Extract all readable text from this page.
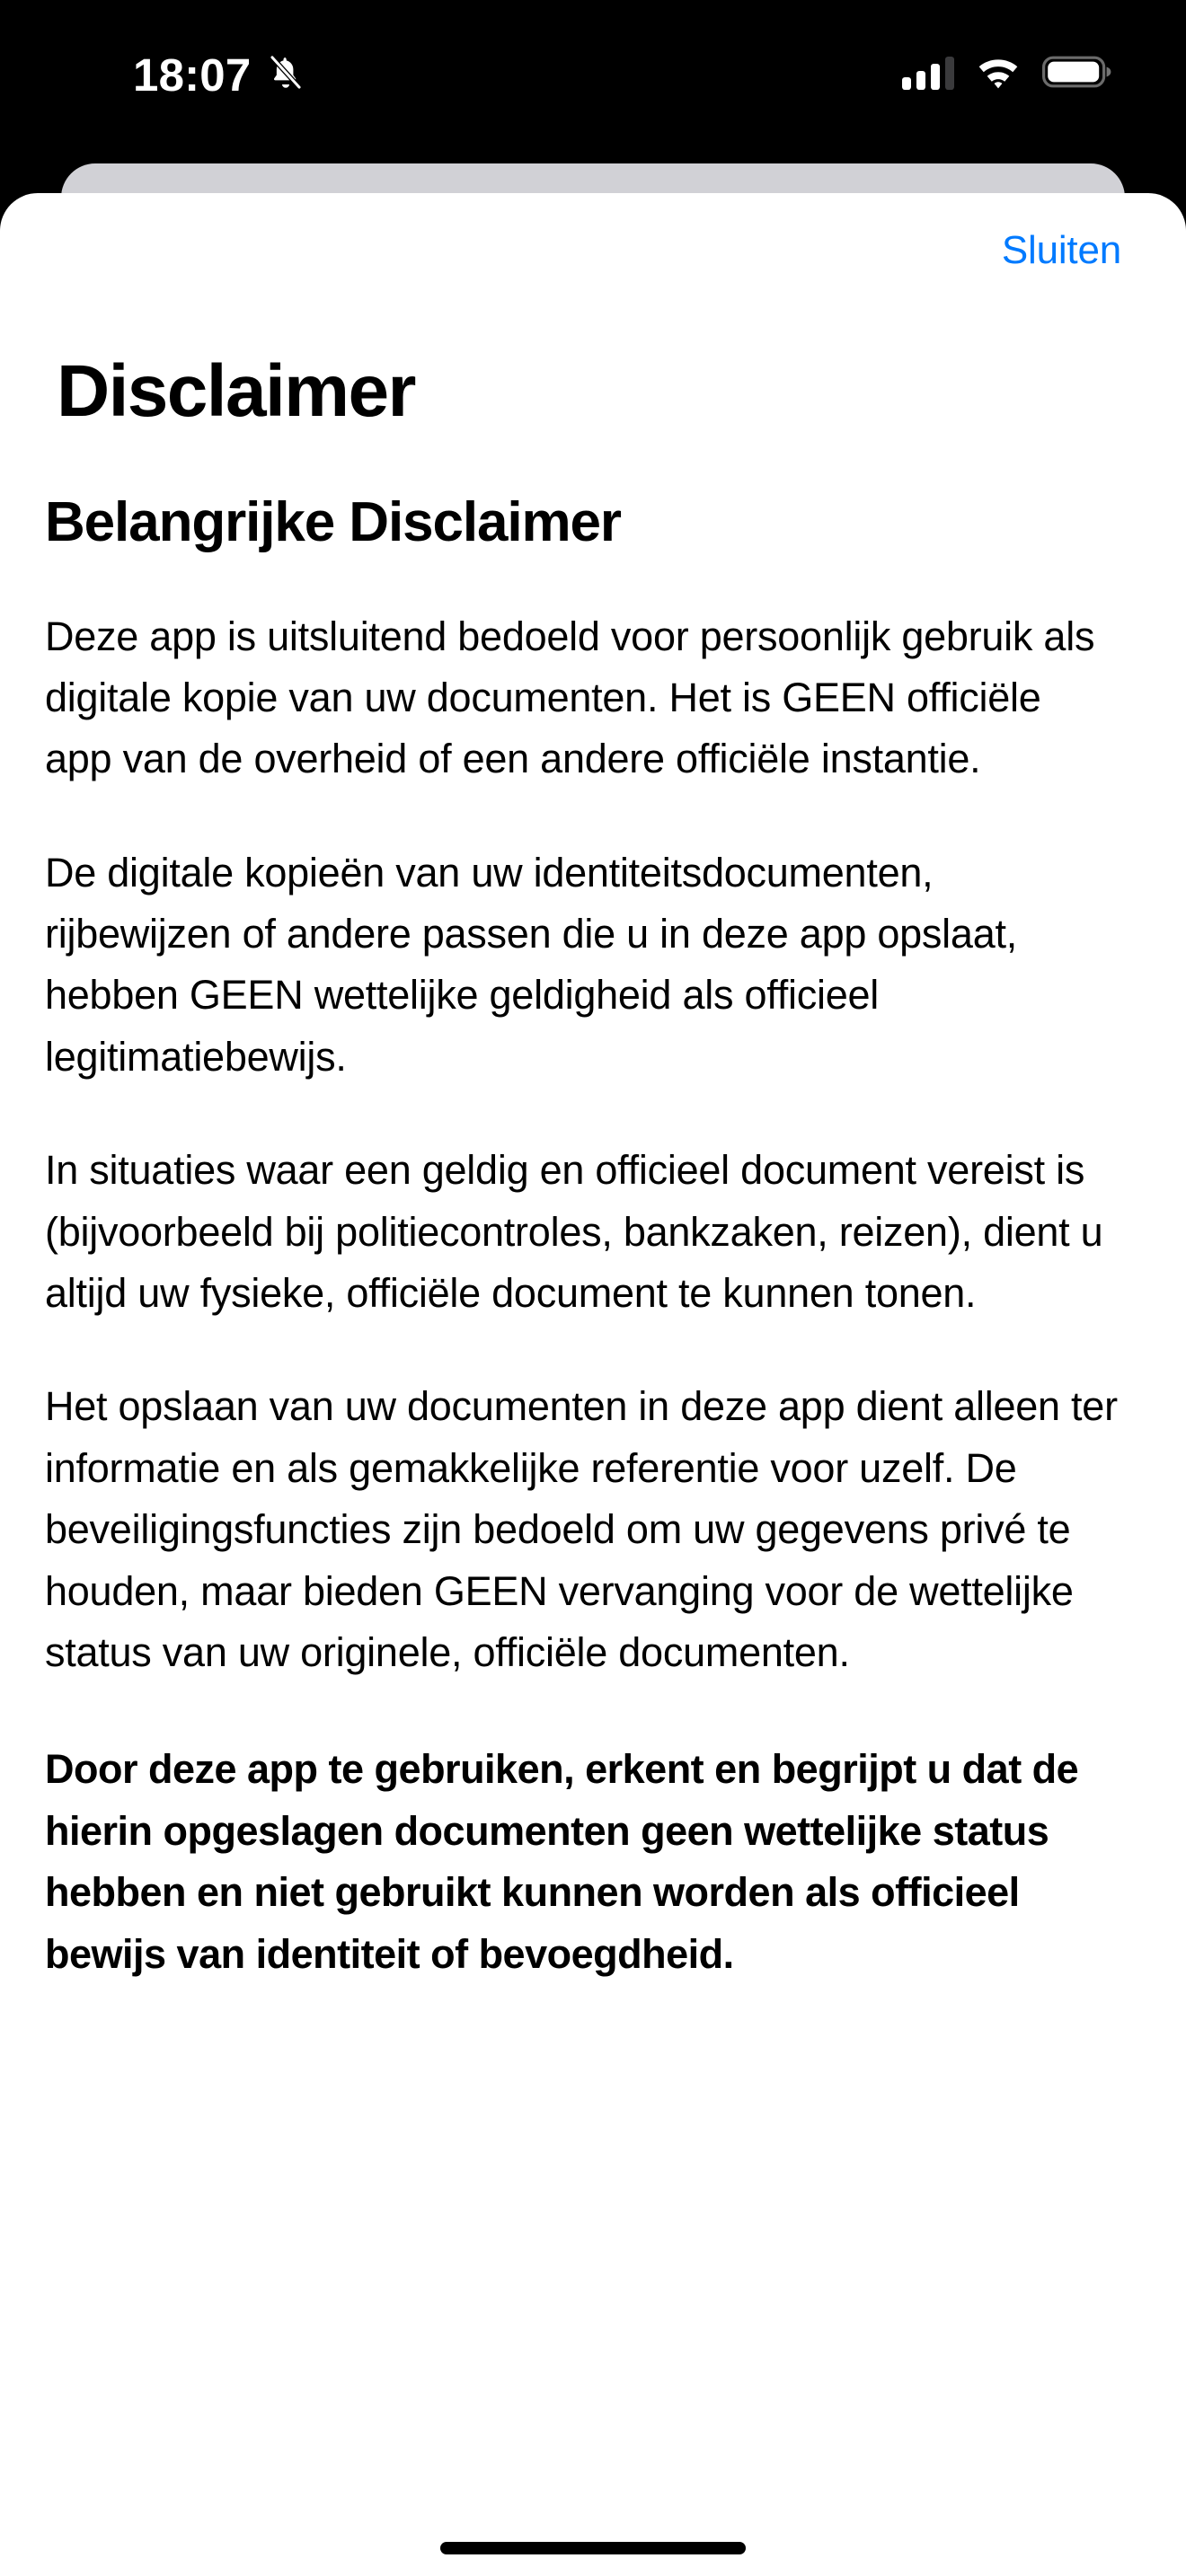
18:07
Sluiten
Disclaimer
Belangrijke Disclaimer

Deze app is uitsluitend bedoeld voor persoonlijk gebruik als digitale kopie van uw documenten. Het is GEEN officiële app van de overheid of een andere officiële instantie.

De digitale kopieën van uw identiteitsdocumenten, rijbewijzen of andere passen die u in deze app opslaat, hebben GEEN wettelijke geldigheid als officieel legitimatiebewijs.

In situaties waar een geldig en officieel document vereist is (bijvoorbeeld bij politiecontroles, bankzaken, reizen), dient u altijd uw fysieke, officiële document te kunnen tonen.

Het opslaan van uw documenten in deze app dient alleen ter informatie en als gemakkelijke referentie voor uzelf. De beveiligingsfuncties zijn bedoeld om uw gegevens privé te houden, maar bieden GEEN vervanging voor de wettelijke status van uw originele, officiële documenten.

Door deze app te gebruiken, erkent en begrijpt u dat de hierin opgeslagen documenten geen wettelijke status hebben en niet gebruikt kunnen worden als officieel bewijs van identiteit of bevoegdheid.
